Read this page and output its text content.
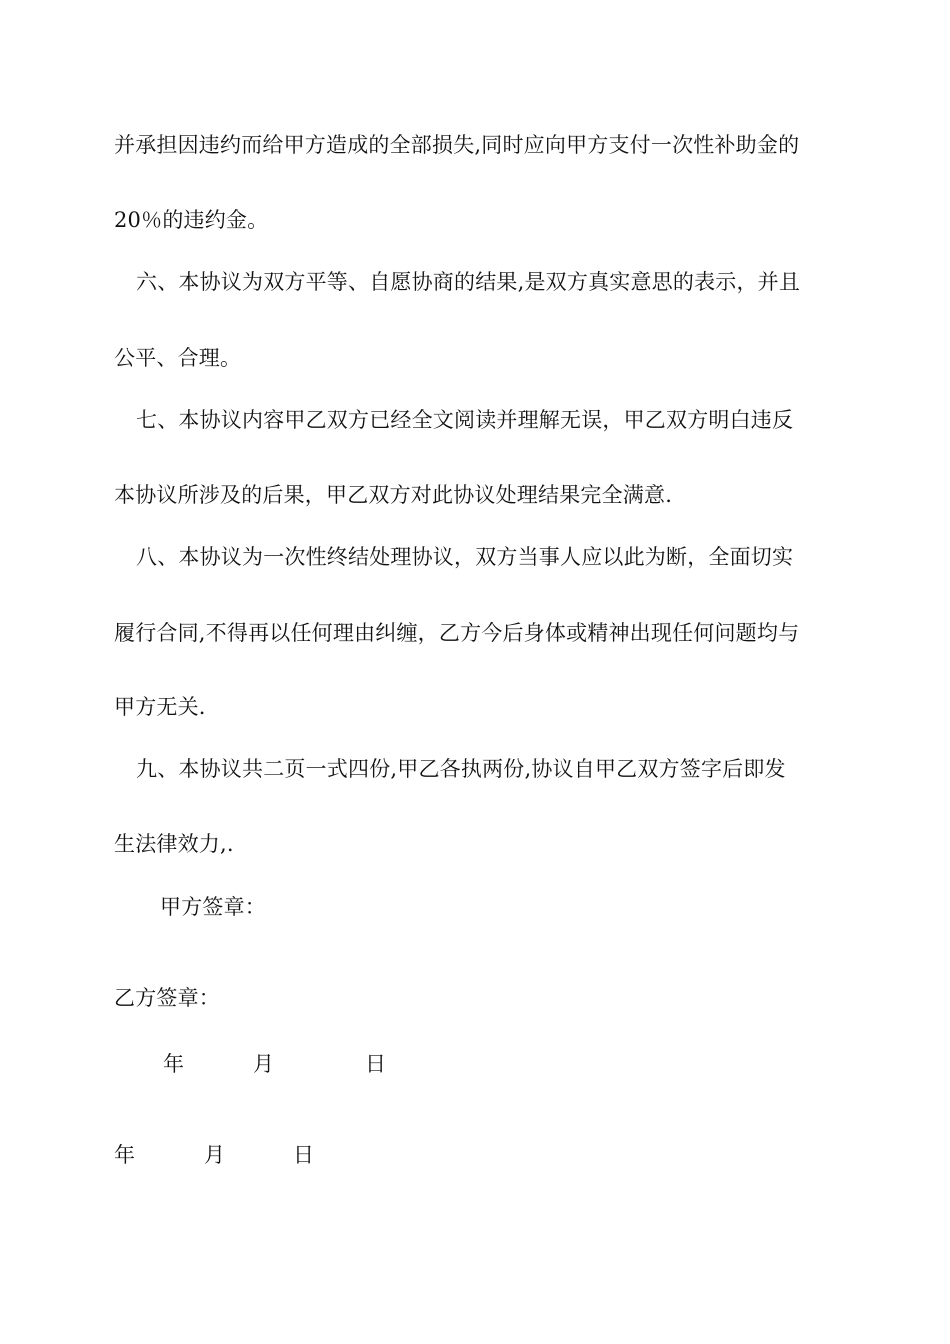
并承担因违约而给甲方造成的全部损失,同时应向甲方支付一次性补助金的
20％的违约金。
六、本协议为双方平等、自愿协商的结果,是双方真实意思的表示，并且
公平、合理。
七、本协议内容甲乙双方已经全文阅读并理解无误，甲乙双方明白违反
本协议所涉及的后果，甲乙双方对此协议处理结果完全满意.
八、本协议为一次性终结处理协议，双方当事人应以此为断，全面切实
履行合同,不得再以任何理由纠缠，乙方今后身体或精神出现任何问题均与
甲方无关.
九、本协议共二页一式四份,甲乙各执两份,协议自甲乙双方签字后即发
生法律效力,.
甲方签章：
乙方签章：
年	月	日
年	月	日
